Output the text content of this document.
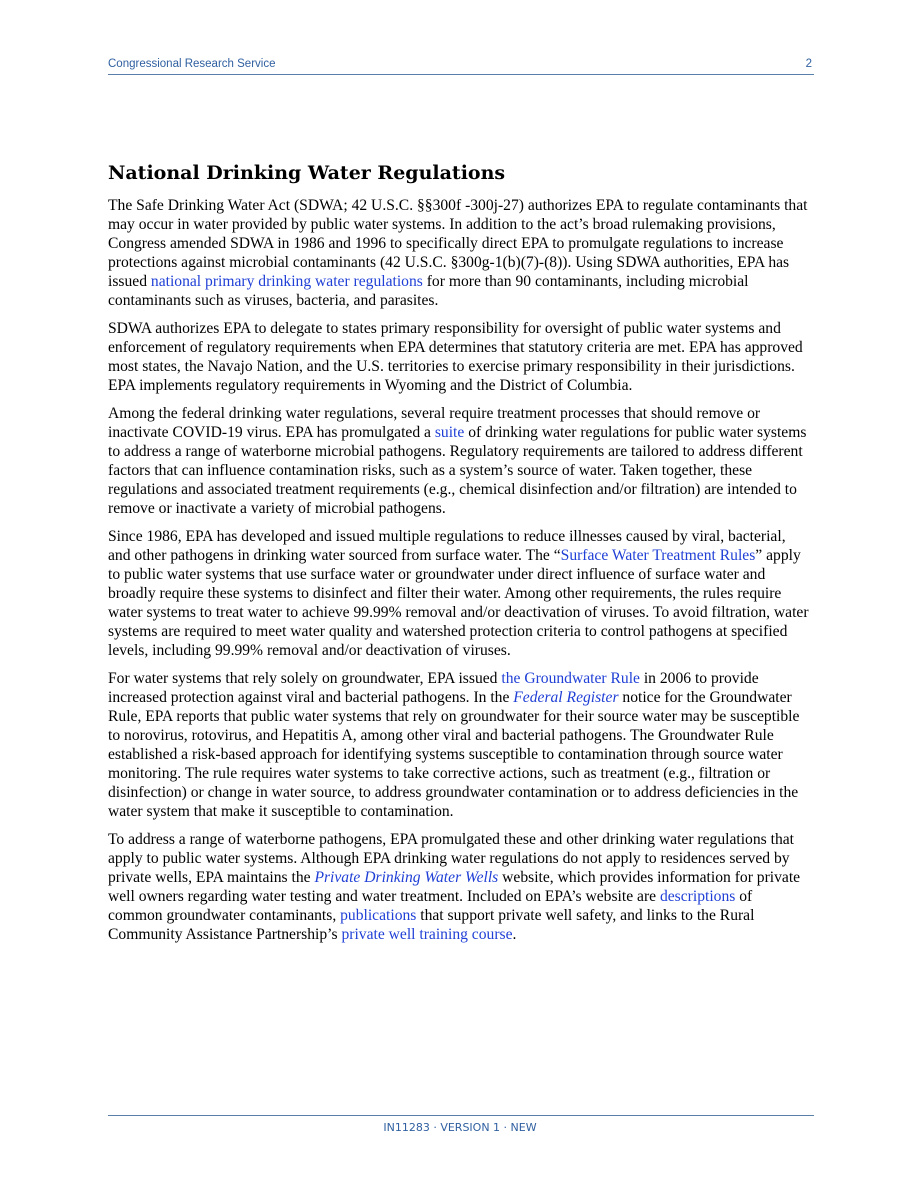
Congressional Research Service	2
National Drinking Water Regulations

The Safe Drinking Water Act (SDWA; 42 U.S.C. §§300f -300j-27) authorizes EPA to regulate contaminants that may occur in water provided by public water systems. In addition to the act’s broad rulemaking provisions, Congress amended SDWA in 1986 and 1996 to specifically direct EPA to promulgate regulations to increase protections against microbial contaminants (42 U.S.C. §300g-1(b)(7)-(8)). Using SDWA authorities, EPA has issued national primary drinking water regulations for more than 90 contaminants, including microbial contaminants such as viruses, bacteria, and parasites.

SDWA authorizes EPA to delegate to states primary responsibility for oversight of public water systems and enforcement of regulatory requirements when EPA determines that statutory criteria are met. EPA has approved most states, the Navajo Nation, and the U.S. territories to exercise primary responsibility in their jurisdictions. EPA implements regulatory requirements in Wyoming and the District of Columbia.

Among the federal drinking water regulations, several require treatment processes that should remove or inactivate COVID-19 virus. EPA has promulgated a suite of drinking water regulations for public water systems to address a range of waterborne microbial pathogens. Regulatory requirements are tailored to address different factors that can influence contamination risks, such as a system’s source of water. Taken together, these regulations and associated treatment requirements (e.g., chemical disinfection and/or filtration) are intended to remove or inactivate a variety of microbial pathogens.

Since 1986, EPA has developed and issued multiple regulations to reduce illnesses caused by viral, bacterial, and other pathogens in drinking water sourced from surface water. The “Surface Water Treatment Rules” apply to public water systems that use surface water or groundwater under direct influence of surface water and broadly require these systems to disinfect and filter their water. Among other requirements, the rules require water systems to treat water to achieve 99.99% removal and/or deactivation of viruses. To avoid filtration, water systems are required to meet water quality and watershed protection criteria to control pathogens at specified levels, including 99.99% removal and/or deactivation of viruses.

For water systems that rely solely on groundwater, EPA issued the Groundwater Rule in 2006 to provide increased protection against viral and bacterial pathogens. In the Federal Register notice for the Groundwater Rule, EPA reports that public water systems that rely on groundwater for their source water may be susceptible to norovirus, rotovirus, and Hepatitis A, among other viral and bacterial pathogens. The Groundwater Rule established a risk-based approach for identifying systems susceptible to contamination through source water monitoring. The rule requires water systems to take corrective actions, such as treatment (e.g., filtration or disinfection) or change in water source, to address groundwater contamination or to address deficiencies in the water system that make it susceptible to contamination.

To address a range of waterborne pathogens, EPA promulgated these and other drinking water regulations that apply to public water systems. Although EPA drinking water regulations do not apply to residences served by private wells, EPA maintains the Private Drinking Water Wells website, which provides information for private well owners regarding water testing and water treatment. Included on EPA’s website are descriptions of common groundwater contaminants, publications that support private well safety, and links to the Rural Community Assistance Partnership’s private well training course.

IN11283 · VERSION 1 · NEW
